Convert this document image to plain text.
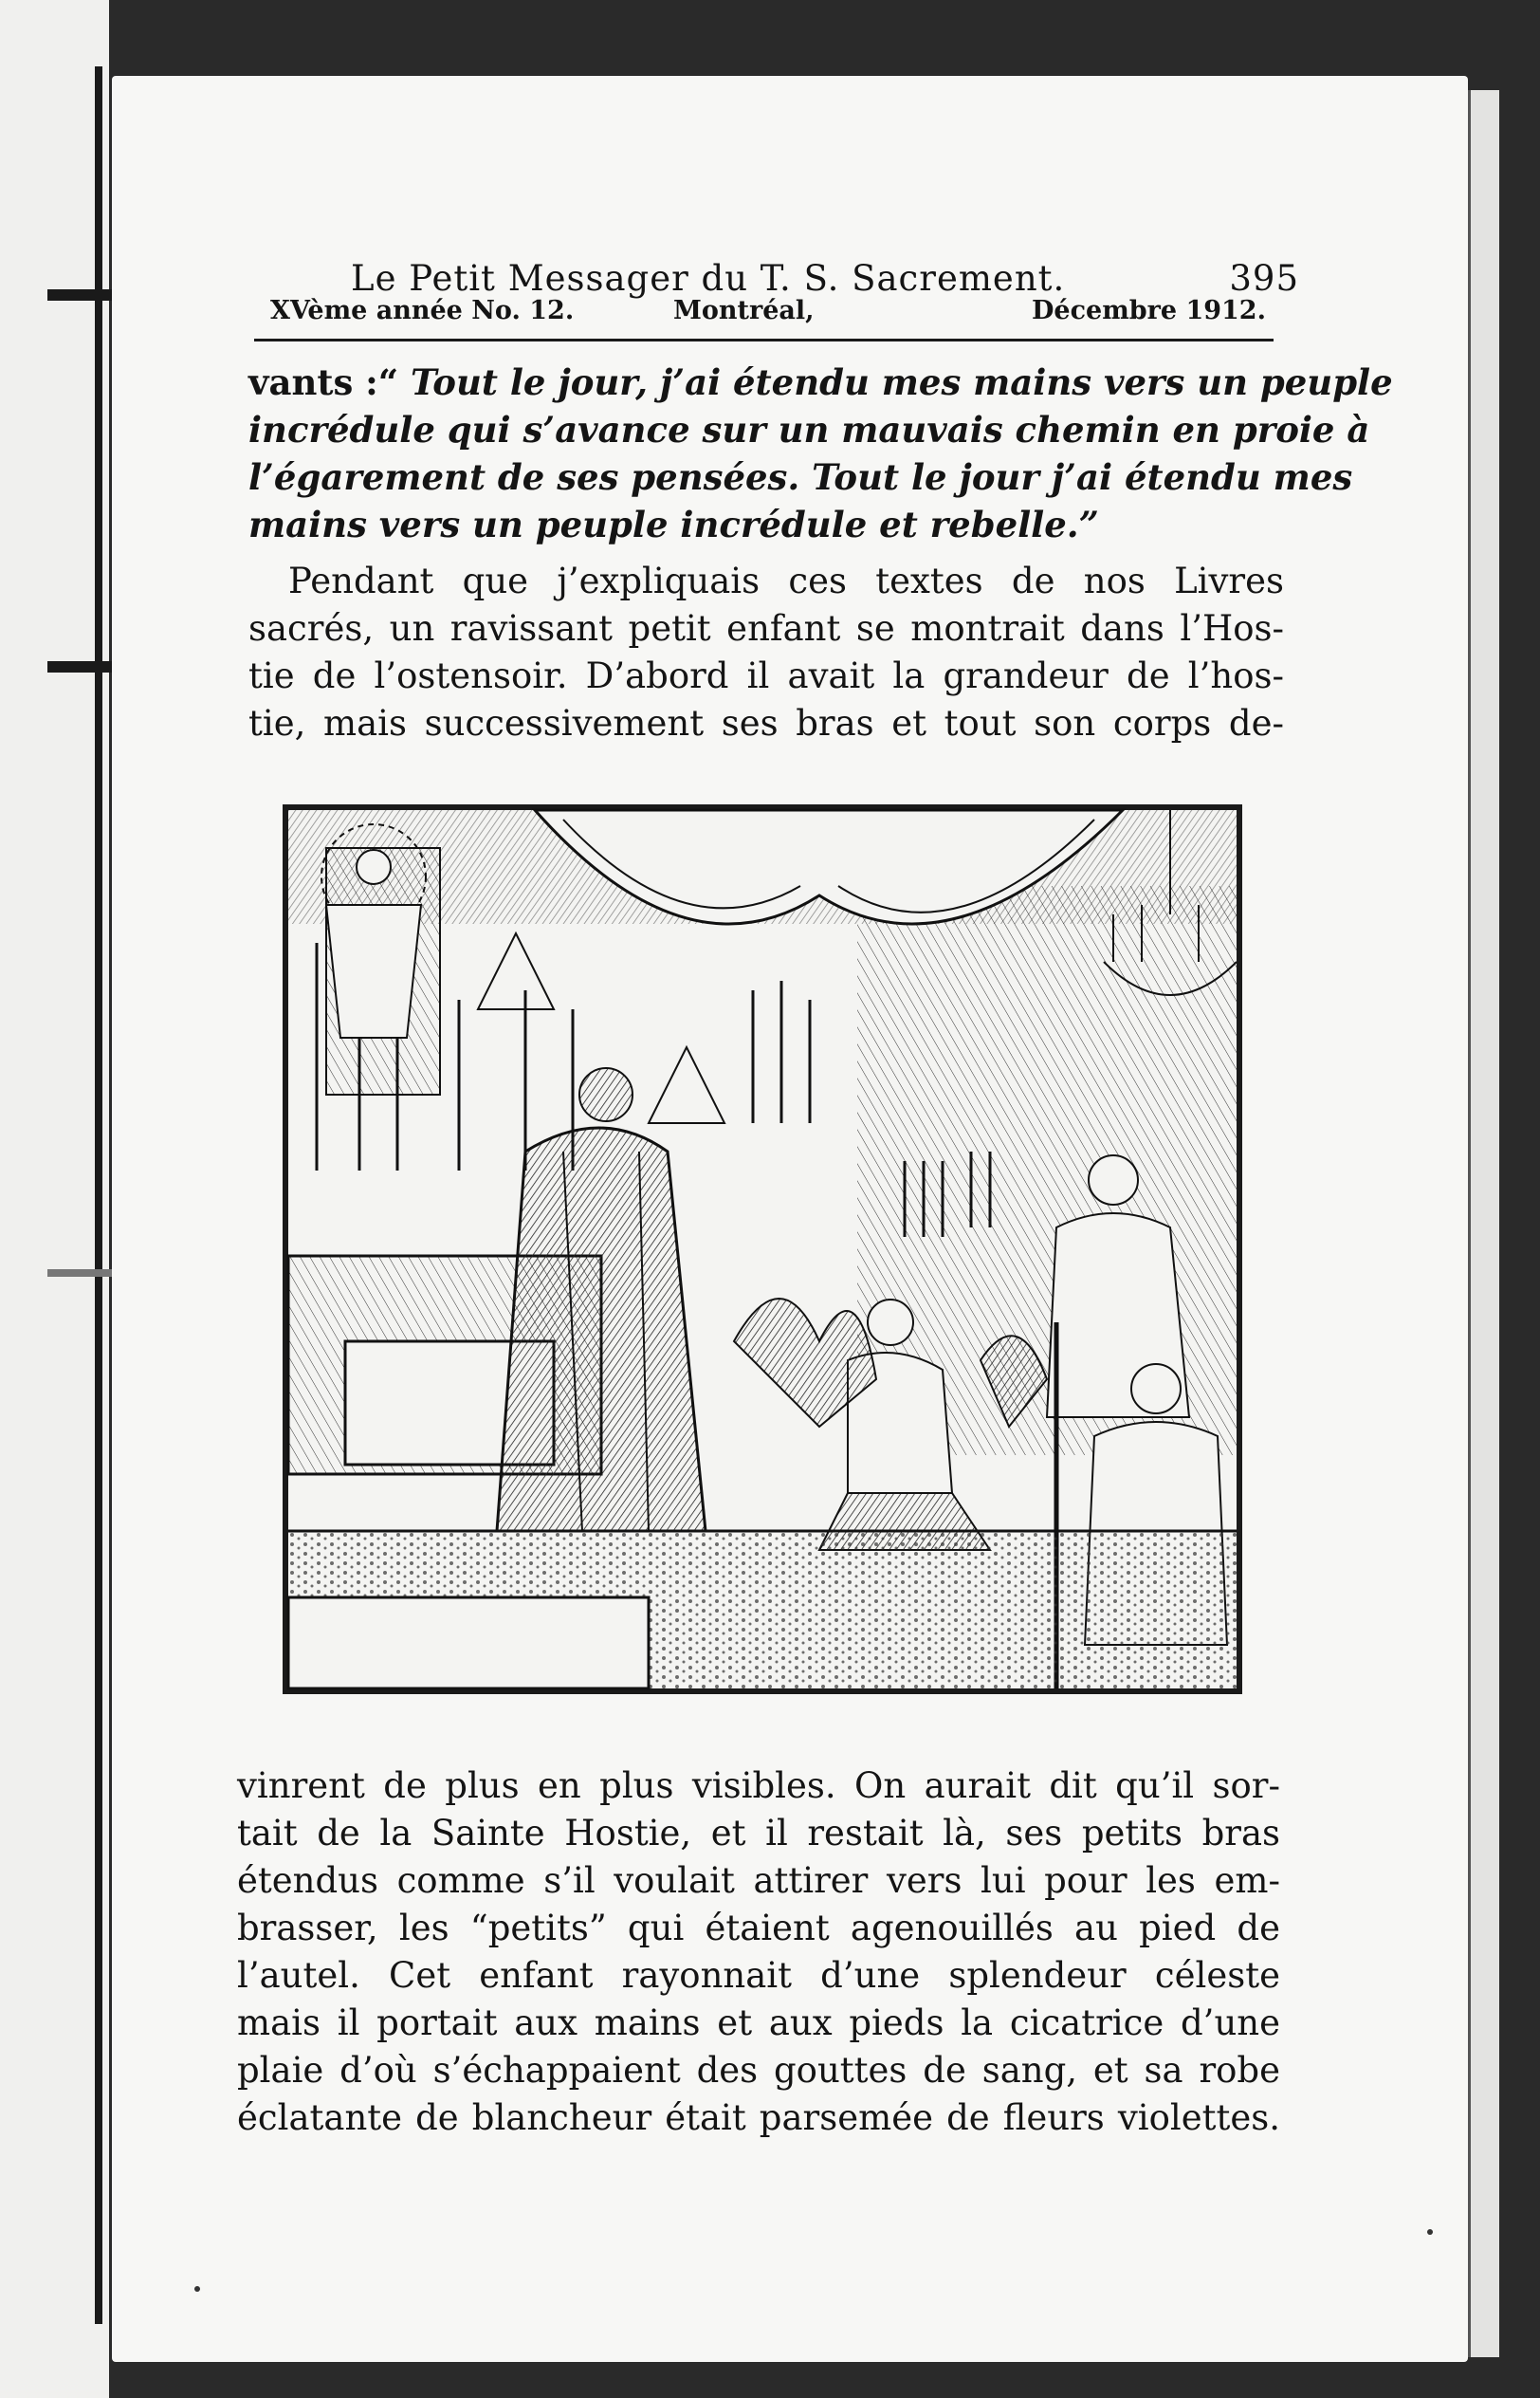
Le Petit Messager du T. S. Sacrement.	395
XVème année No. 12.	Montréal,	Décembre 1912.
vants :“ Tout le jour, j’ai étendu mes mains vers un peuple
incrédule qui s’avance sur un mauvais chemin en proie à
l’égarement de ses pensées. Tout le jour j’ai étendu mes
mains vers un peuple incrédule et rebelle.”
Pendant que j’expliquais ces textes de nos Livres
sacrés, un ravissant petit enfant se montrait dans l’Hos-
tie de l’ostensoir. D’abord il avait la grandeur de l’hos-
tie, mais successivement ses bras et tout son corps de-
vinrent de plus en plus visibles. On aurait dit qu’il sor-
tait de la Sainte Hostie, et il restait là, ses petits bras
étendus comme s’il voulait attirer vers lui pour les em-
brasser, les “petits” qui étaient agenouillés au pied de
l’autel. Cet enfant rayonnait d’une splendeur céleste
mais il portait aux mains et aux pieds la cicatrice d’une
plaie d’où s’échappaient des gouttes de sang, et sa robe
éclatante de blancheur était parsemée de fleurs violettes.
